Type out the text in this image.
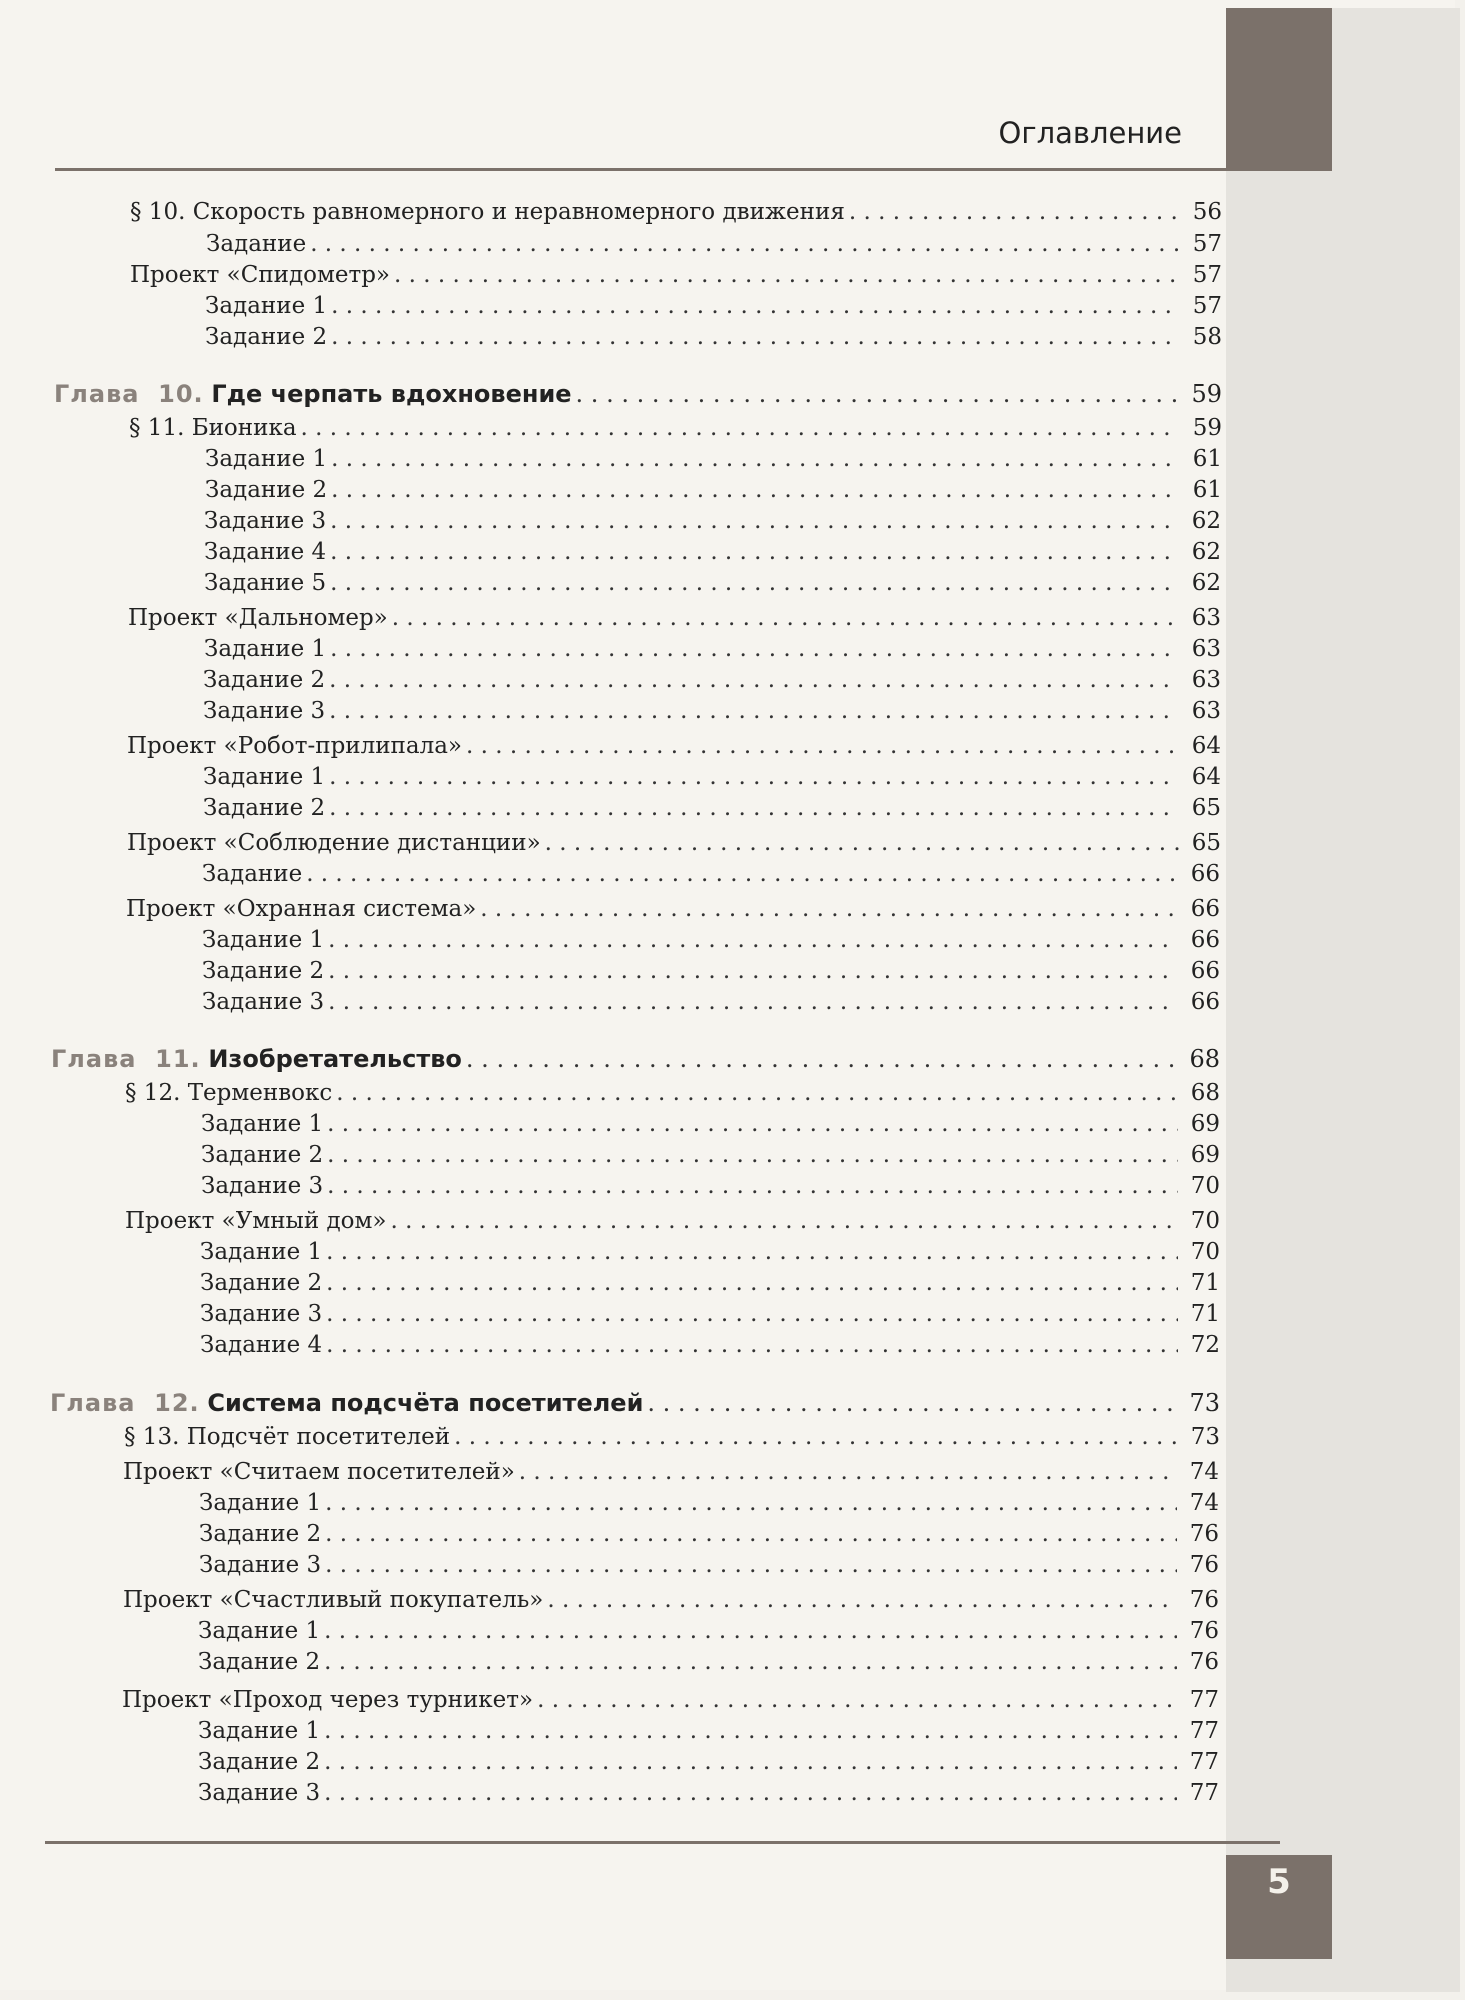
Оглавление
§ 10. Скорость равномерного и неравномерного движения . . .	56
Задание . . .	57
Проект «Спидометр» . . .	57
Задание 1 . . .	57
Задание 2 . . .	58
Глава  10. Где черпать вдохновение . . .	59
§ 11. Бионика . . .	59
Задание 1 . . .	61
Задание 2 . . .	61
Задание 3 . . .	62
Задание 4 . . .	62
Задание 5 . . .	62
Проект «Дальномер» . . .	63
Задание 1 . . .	63
Задание 2 . . .	63
Задание 3 . . .	63
Проект «Робот-прилипала» . . .	64
Задание 1 . . .	64
Задание 2 . . .	65
Проект «Соблюдение дистанции» . . .	65
Задание . . .	66
Проект «Охранная система» . . .	66
Задание 1 . . .	66
Задание 2 . . .	66
Задание 3 . . .	66
Глава  11. Изобретательство . . .	68
§ 12. Терменвокс . . .	68
Задание 1 . . .	69
Задание 2 . . .	69
Задание 3 . . .	70
Проект «Умный дом» . . .	70
Задание 1 . . .	70
Задание 2 . . .	71
Задание 3 . . .	71
Задание 4 . . .	72
Глава  12. Система подсчёта посетителей . . .	73
§ 13. Подсчёт посетителей . . .	73
Проект «Считаем посетителей» . . .	74
Задание 1 . . .	74
Задание 2 . . .	76
Задание 3 . . .	76
Проект «Счастливый покупатель» . . .	76
Задание 1 . . .	76
Задание 2 . . .	76
Проект «Проход через турникет» . . .	77
Задание 1 . . .	77
Задание 2 . . .	77
Задание 3 . . .	77
5
